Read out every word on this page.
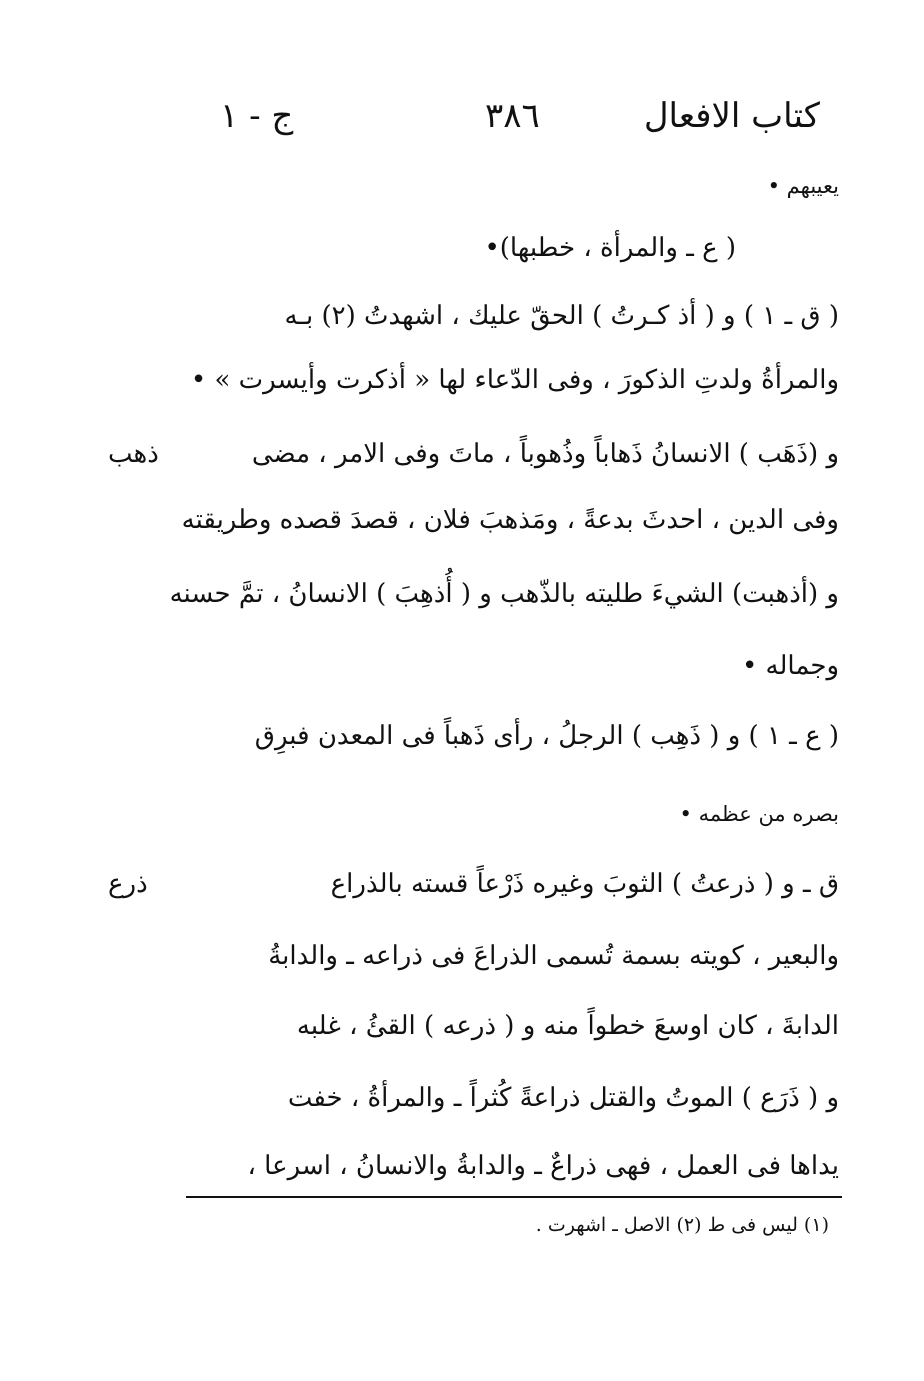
كتاب الافعال
٣٨٦
ج - ١
يعيبهم •
( ع ـ والمرأة ، خطبها)•
( ق ـ ١ ) و ( أذ كـرتُ ) الحقّ عليك ، اشهدتُ (٢) بـه
والمرأةُ ولدتِ الذكورَ ، وفى الدّعاء لها « أذكرت وأيسرت » •
و (ذَهَب ) الانسانُ ذَهاباً وذُهوباً ، ماتَ وفى الامر ، مضى
وفى الدين ، احدثَ بدعةً ، ومَذهبَ فلان ، قصدَ قصده وطريقته
و (أذهبت) الشيءَ طليته بالذّهب و ( أُذهِبَ ) الانسانُ ، تمَّ حسنه
وجماله •
( ع ـ ١ ) و ( ذَهِب ) الرجلُ ، رأى ذَهباً فى المعدن فبرِق
بصره من عظمه •
ق ـ و ( ذرعتُ ) الثوبَ وغيره ذَرْعاً قسته بالذراع
والبعير ، كويته بسمة تُسمى الذراعَ فى ذراعه ـ والدابةُ
الدابةَ ، كان اوسعَ خطواً منه و ( ذرعه ) القئُ ، غلبه
و ( ذَرَع ) الموتُ والقتل ذراعةً كُثراً ـ والمرأةُ ، خفت
يداها فى العمل ، فهى ذراعٌ ـ والدابةُ والانسانُ ، اسرعا ،
ذهب
ذرع
(١) ليس فى ط (٢) الاصل ـ اشهرت .
